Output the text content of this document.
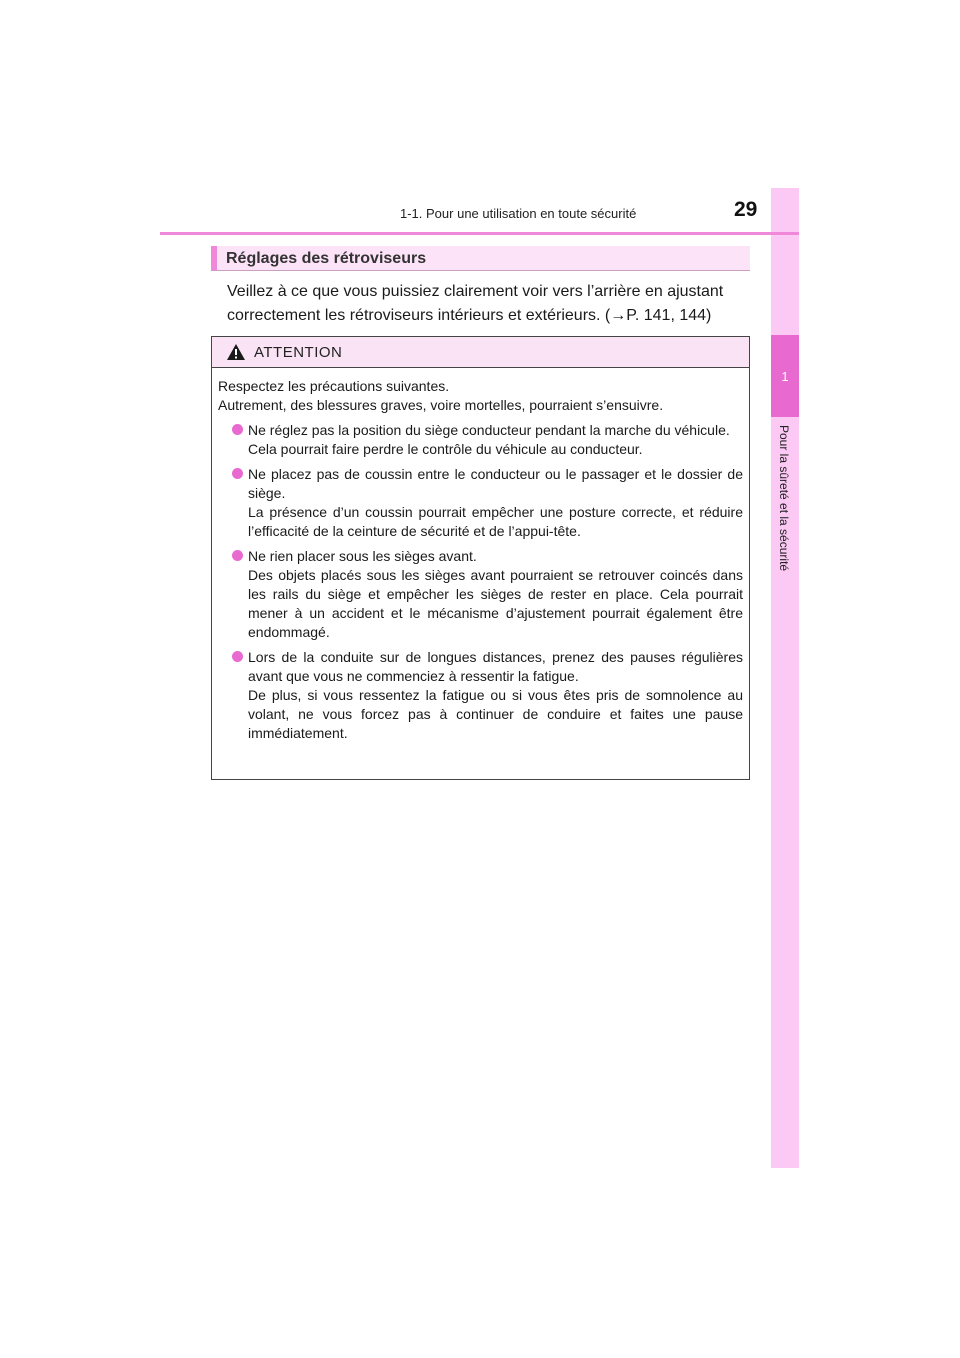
1
Pour la sûreté et la sécurité
1-1. Pour une utilisation en toute sécurité	29
Réglages des rétroviseurs
Veillez à ce que vous puissiez clairement voir vers l’arrière en ajustant correctement les rétroviseurs intérieurs et extérieurs. (→P. 141, 144)
ATTENTION

Respectez les précautions suivantes.

Autrement, des blessures graves, voire mortelles, pourraient s’ensuivre.

Ne réglez pas la position du siège conducteur pendant la marche du véhicule.
Cela pourrait faire perdre le contrôle du véhicule au conducteur.
Ne placez pas de coussin entre le conducteur ou le passager et le dossier de siège.
La présence d’un coussin pourrait empêcher une posture correcte, et réduire l’efficacité de la ceinture de sécurité et de l’appui-tête.
Ne rien placer sous les sièges avant.
Des objets placés sous les sièges avant pourraient se retrouver coincés dans les rails du siège et empêcher les sièges de rester en place. Cela pourrait mener à un accident et le mécanisme d’ajustement pourrait également être endommagé.
Lors de la conduite sur de longues distances, prenez des pauses régulières avant que vous ne commenciez à ressentir la fatigue.
De plus, si vous ressentez la fatigue ou si vous êtes pris de somnolence au volant, ne vous forcez pas à continuer de conduire et faites une pause immédiatement.
